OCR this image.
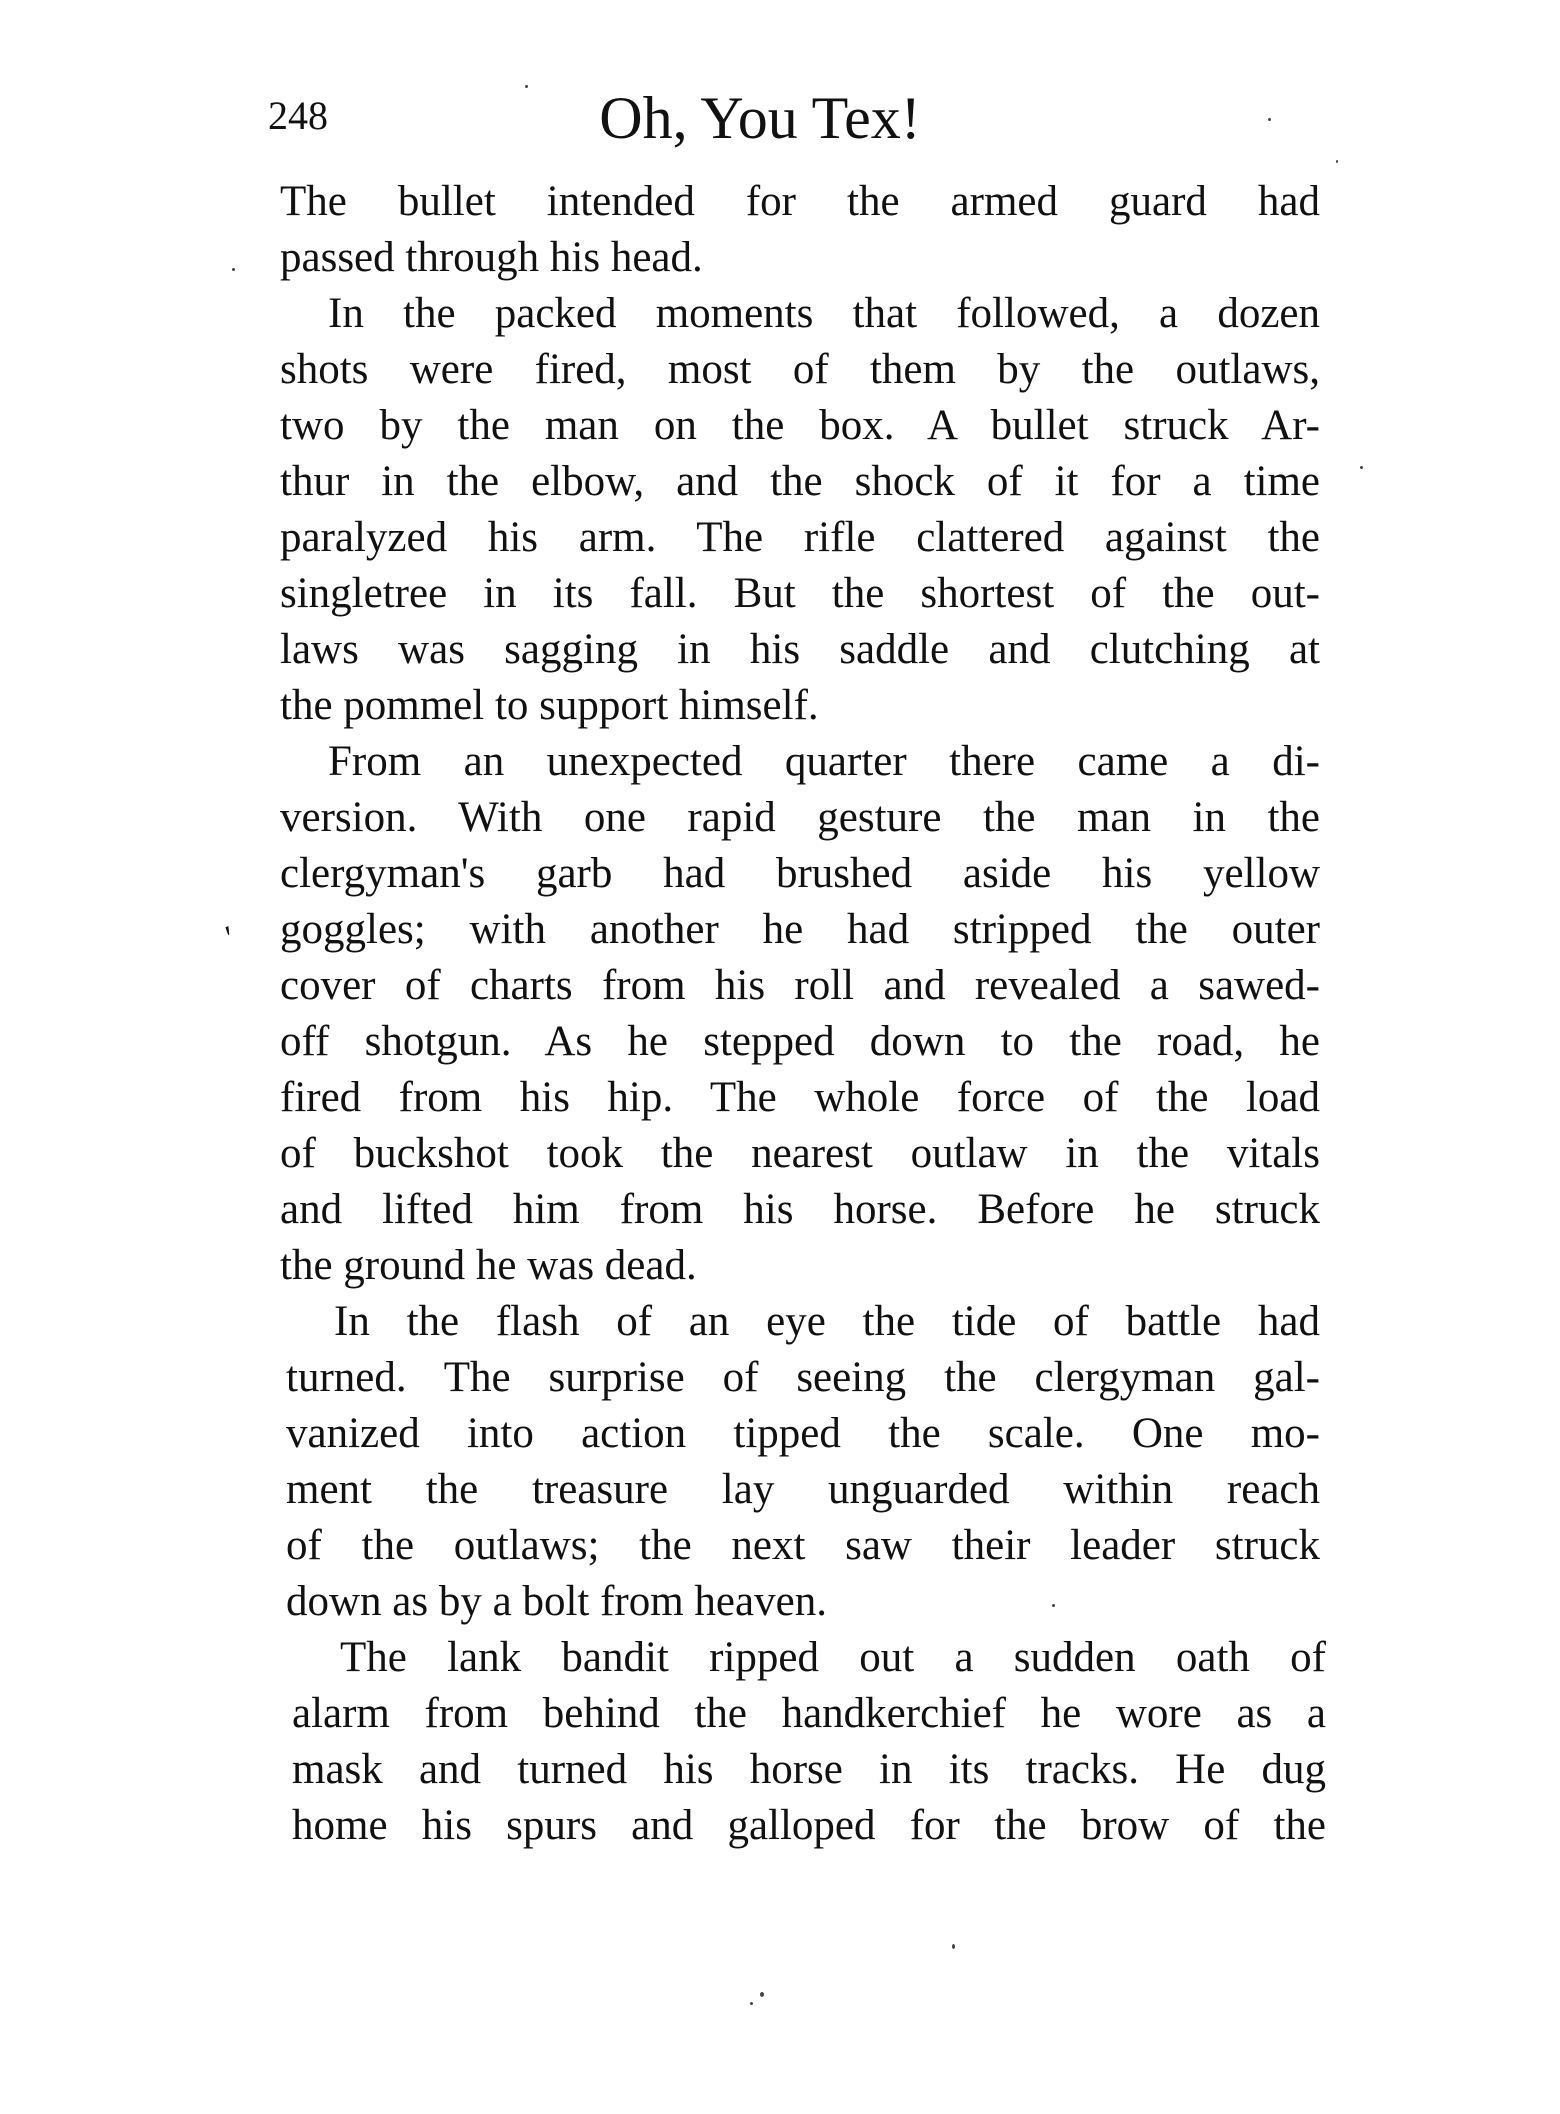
248	Oh, You Tex!
′
The bullet intended for the armed guard had
passed through his head.
In the packed moments that followed, a dozen
shots were fired, most of them by the outlaws,
two by the man on the box. A bullet struck Ar-
thur in the elbow, and the shock of it for a time
paralyzed his arm. The rifle clattered against the
singletree in its fall. But the shortest of the out-
laws was sagging in his saddle and clutching at
the pommel to support himself.
From an unexpected quarter there came a di-
version. With one rapid gesture the man in the
clergyman's garb had brushed aside his yellow
goggles; with another he had stripped the outer
cover of charts from his roll and revealed a sawed-
off shotgun. As he stepped down to the road, he
fired from his hip. The whole force of the load
of buckshot took the nearest outlaw in the vitals
and lifted him from his horse. Before he struck
the ground he was dead.
In the flash of an eye the tide of battle had
turned. The surprise of seeing the clergyman gal-
vanized into action tipped the scale. One mo-
ment the treasure lay unguarded within reach
of the outlaws; the next saw their leader struck
down as by a bolt from heaven.
The lank bandit ripped out a sudden oath of
alarm from behind the handkerchief he wore as a
mask and turned his horse in its tracks. He dug
home his spurs and galloped for the brow of the
